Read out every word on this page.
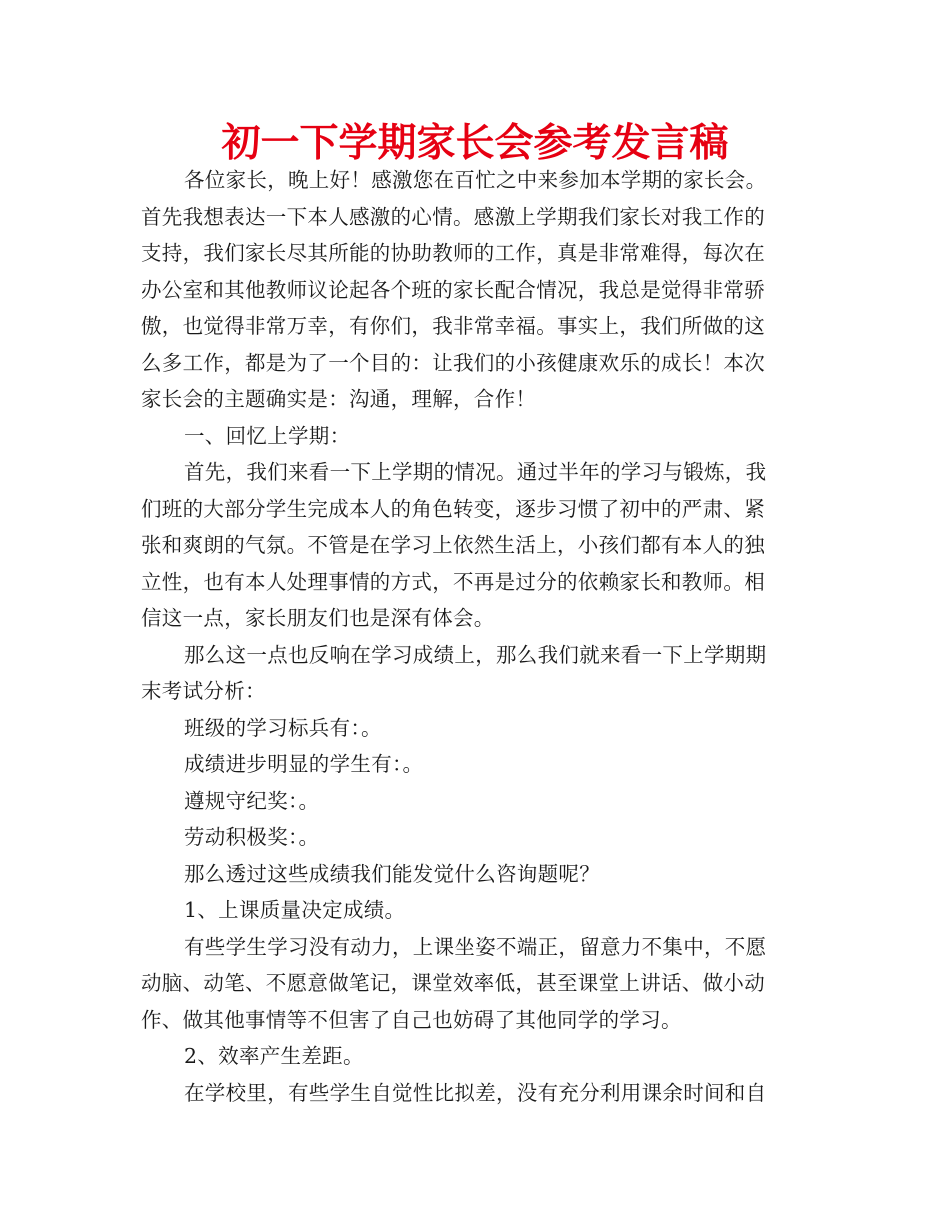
初一下学期家长会参考发言稿
各位家长，晚上好！感激您在百忙之中来参加本学期的家长会。
首先我想表达一下本人感激的心情。感激上学期我们家长对我工作的
支持，我们家长尽其所能的协助教师的工作，真是非常难得，每次在
办公室和其他教师议论起各个班的家长配合情况，我总是觉得非常骄
傲，也觉得非常万幸，有你们，我非常幸福。事实上，我们所做的这
么多工作，都是为了一个目的：让我们的小孩健康欢乐的成长！本次
家长会的主题确实是：沟通，理解，合作！
一、回忆上学期：
首先，我们来看一下上学期的情况。通过半年的学习与锻炼，我
们班的大部分学生完成本人的角色转变，逐步习惯了初中的严肃、紧
张和爽朗的气氛。不管是在学习上依然生活上，小孩们都有本人的独
立性，也有本人处理事情的方式，不再是过分的依赖家长和教师。相
信这一点，家长朋友们也是深有体会。
那么这一点也反响在学习成绩上，那么我们就来看一下上学期期
末考试分析：
班级的学习标兵有：。
成绩进步明显的学生有：。
遵规守纪奖：。
劳动积极奖：。
那么透过这些成绩我们能发觉什么咨询题呢？
1、上课质量决定成绩。
有些学生学习没有动力，上课坐姿不端正，留意力不集中，不愿
动脑、动笔、不愿意做笔记，课堂效率低，甚至课堂上讲话、做小动
作、做其他事情等不但害了自己也妨碍了其他同学的学习。
2、效率产生差距。
在学校里，有些学生自觉性比拟差，没有充分利用课余时间和自
